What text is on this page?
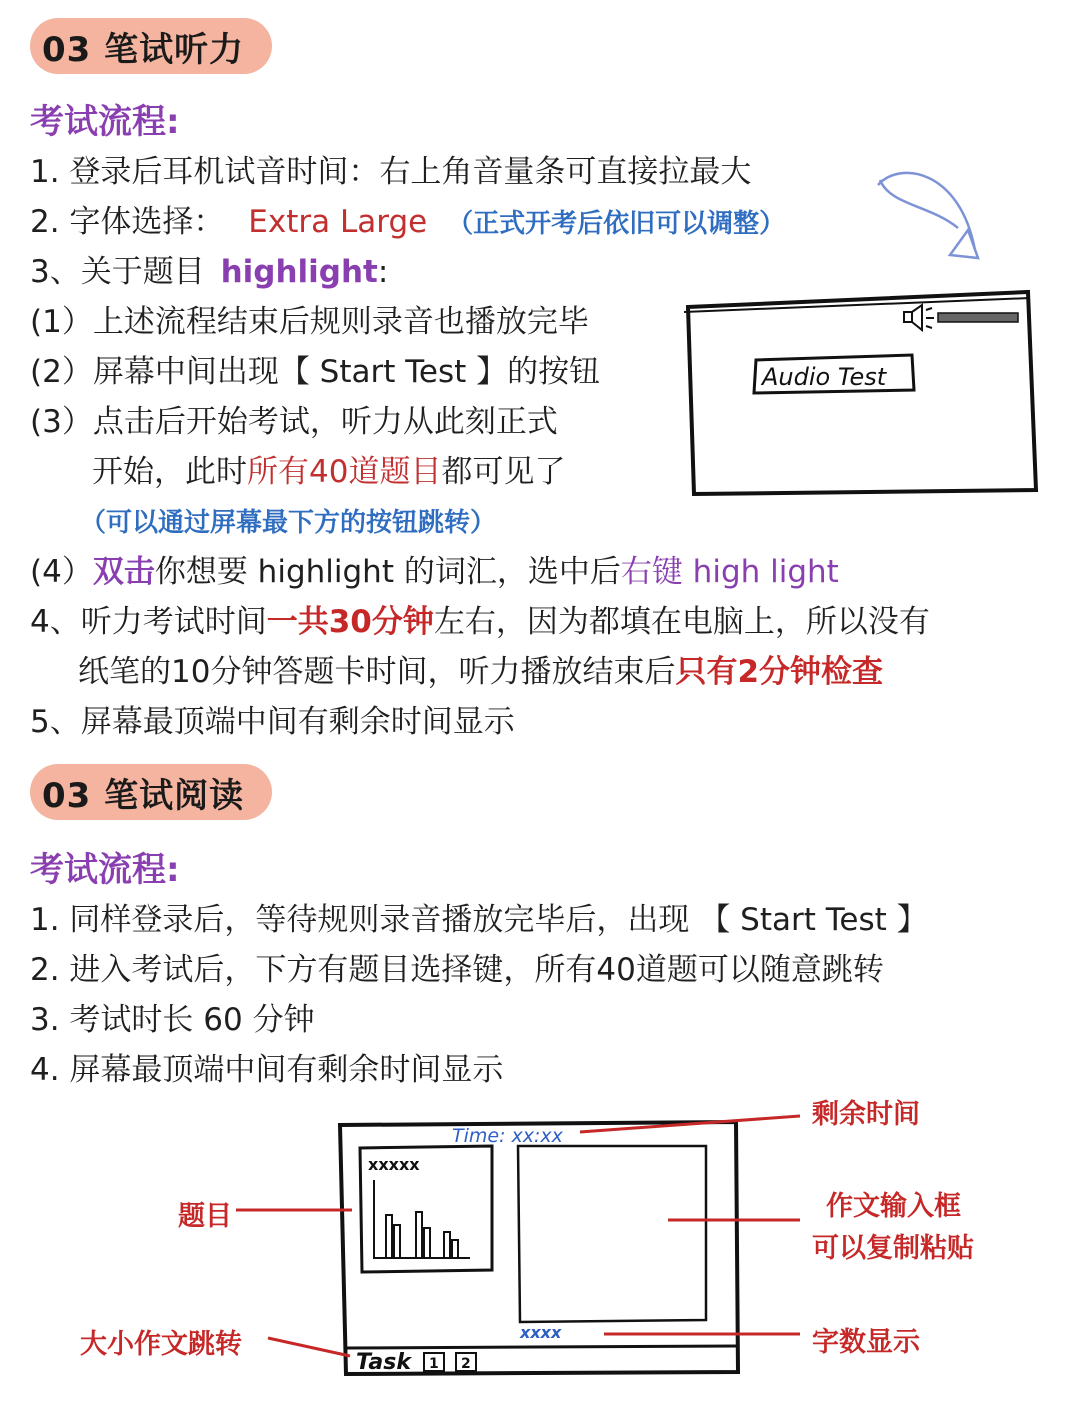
03 笔试听力
考试流程:
1. 登录后耳机试音时间：右上角音量条可直接拉最大
2. 字体选择： Extra Large （正式开考后依旧可以调整）
3、关于题目 highlight:
(1）上述流程结束后规则录音也播放完毕
(2）屏幕中间出现【 Start Test 】的按钮
(3）点击后开始考试，听力从此刻正式
开始，此时所有40道题目都可见了
（可以通过屏幕最下方的按钮跳转）
(4）双击你想要 highlight 的词汇，选中后右键 high light
4、听力考试时间一共30分钟左右，因为都填在电脑上，所以没有
纸笔的10分钟答题卡时间，听力播放结束后只有2分钟检查
5、屏幕最顶端中间有剩余时间显示
Audio Test
03 笔试阅读
考试流程:
1. 同样登录后，等待规则录音播放完毕后，出现 【 Start Test 】
2. 进入考试后，下方有题目选择键，所有40道题可以随意跳转
3. 考试时长 60 分钟
4. 屏幕最顶端中间有剩余时间显示
Time: xx:xx
xxxxx
xxxx
Task 1 2
剩余时间
题目	作文输入框
可以复制粘贴
大小作文跳转	字数显示
